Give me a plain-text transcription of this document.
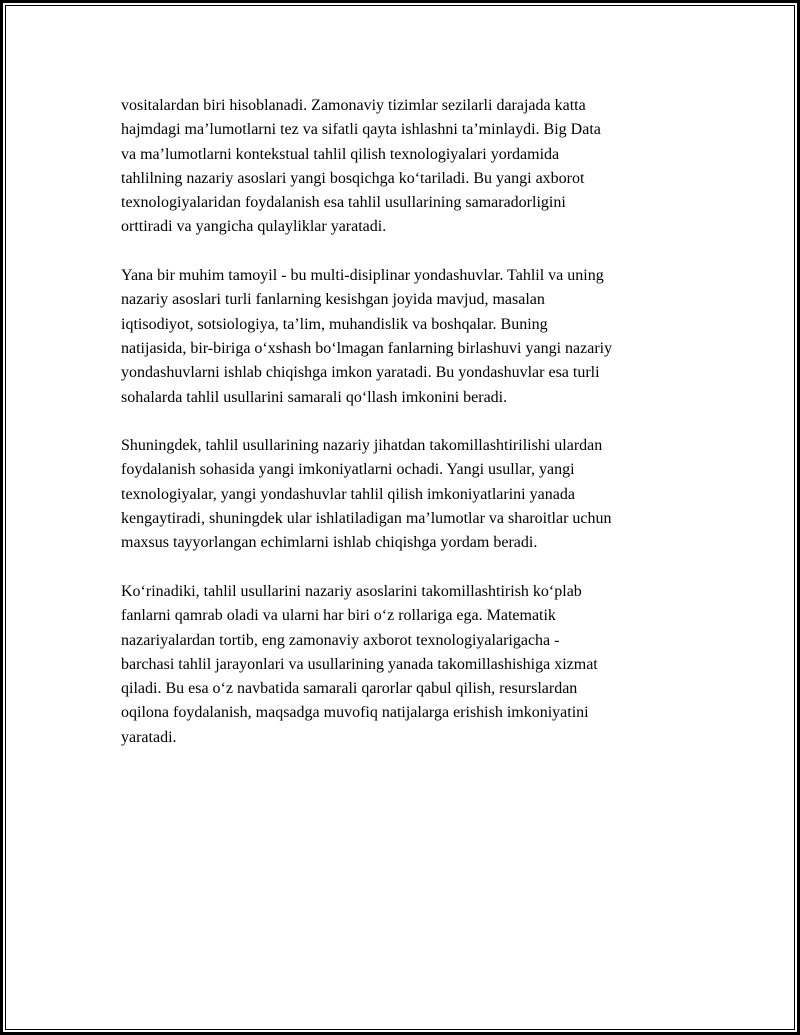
vositalardan biri hisoblanadi. Zamonaviy tizimlar sezilarli darajada katta
hajmdagi ma’lumotlarni tez va sifatli qayta ishlashni ta’minlaydi. Big Data
va ma’lumotlarni kontekstual tahlil qilish texnologiyalari yordamida
tahlilning nazariy asoslari yangi bosqichga ko‘tariladi. Bu yangi axborot
texnologiyalaridan foydalanish esa tahlil usullarining samaradorligini
orttiradi va yangicha qulayliklar yaratadi.

Yana bir muhim tamoyil - bu multi-disiplinar yondashuvlar. Tahlil va uning
nazariy asoslari turli fanlarning kesishgan joyida mavjud, masalan
iqtisodiyot, sotsiologiya, ta’lim, muhandislik va boshqalar. Buning
natijasida, bir-biriga o‘xshash bo‘lmagan fanlarning birlashuvi yangi nazariy
yondashuvlarni ishlab chiqishga imkon yaratadi. Bu yondashuvlar esa turli
sohalarda tahlil usullarini samarali qo‘llash imkonini beradi.

Shuningdek, tahlil usullarining nazariy jihatdan takomillashtirilishi ulardan
foydalanish sohasida yangi imkoniyatlarni ochadi. Yangi usullar, yangi
texnologiyalar, yangi yondashuvlar tahlil qilish imkoniyatlarini yanada
kengaytiradi, shuningdek ular ishlatiladigan ma’lumotlar va sharoitlar uchun
maxsus tayyorlangan echimlarni ishlab chiqishga yordam beradi.

Ko‘rinadiki, tahlil usullarini nazariy asoslarini takomillashtirish ko‘plab
fanlarni qamrab oladi va ularni har biri o‘z rollariga ega. Matematik
nazariyalardan tortib, eng zamonaviy axborot texnologiyalarigacha -
barchasi tahlil jarayonlari va usullarining yanada takomillashishiga xizmat
qiladi. Bu esa o‘z navbatida samarali qarorlar qabul qilish, resurslardan
oqilona foydalanish, maqsadga muvofiq natijalarga erishish imkoniyatini
yaratadi.
